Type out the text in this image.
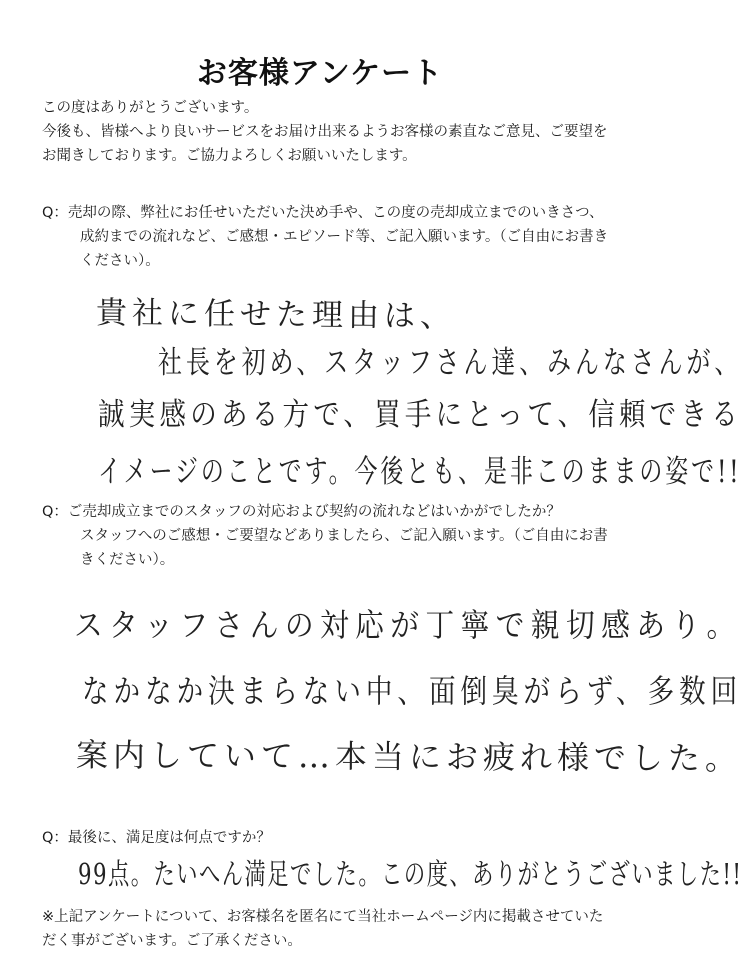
お客様アンケート
この度はありがとうございます。
今後も、皆様へより良いサービスをお届け出来るようお客様の素直なご意見、ご要望を
お聞きしております。ご協力よろしくお願いいたします。
Q：売却の際、弊社にお任せいただいた決め手や、この度の売却成立までのいきさつ、
成約までの流れなど、ご感想・エピソード等、ご記入願います。（ご自由にお書き
ください）。
貴社に任せた理由は、
社長を初め、スタッフさん達、みんなさんが、
誠実感のある方で、買手にとって、信頼できる
イメージのことです。今後とも、是非このままの姿で!!
Q：ご売却成立までのスタッフの対応および契約の流れなどはいかがでしたか？
スタッフへのご感想・ご要望などありましたら、ご記入願います。（ご自由にお書
きください）。
スタッフさんの対応が丁寧で親切感あり。
なかなか決まらない中、面倒臭がらず、多数回
案内していて…本当にお疲れ様でした。
Q：最後に、満足度は何点ですか？
99点。たいへん満足でした。この度、ありがとうございました!!
※上記アンケートについて、お客様名を匿名にて当社ホームページ内に掲載させていた
だく事がございます。ご了承ください。
